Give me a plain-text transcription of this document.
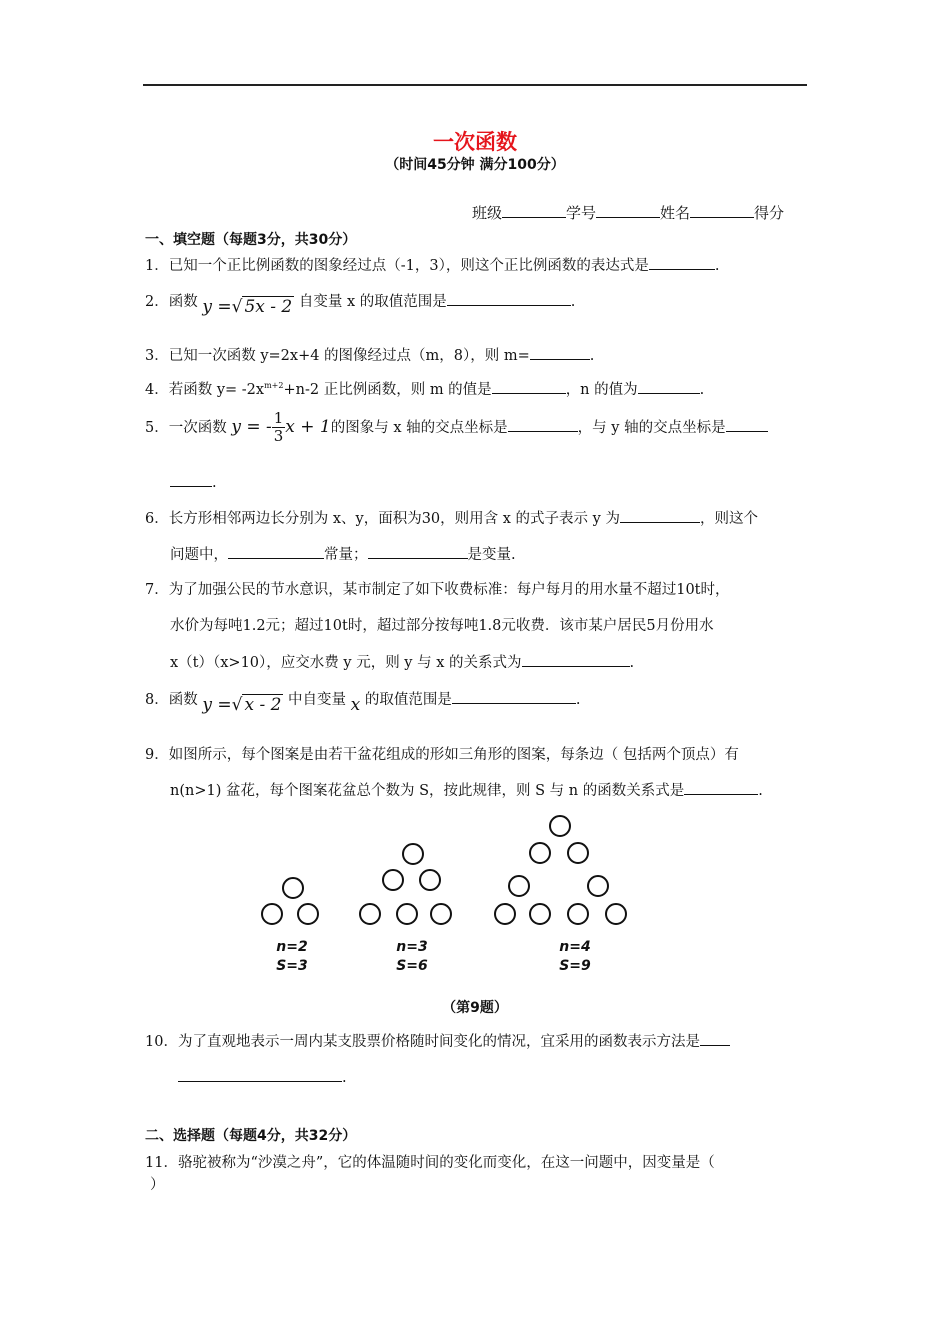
一次函数
（时间45分钟 满分100分）
班级	学号	姓名	得分
一、填空题（每题3分，共30分）
1．已知一个正比例函数的图象经过点（-1，3），则这个正比例函数的表达式是	.
2．函数 y =√ 5x - 2 自变量 x 的取值范围是	.
3．已知一次函数 y=2x+4 的图像经过点（m，8），则 m=	.
4．若函数 $y= -2x^{m+2}+n-2$ 正比例函数，则 m 的值是	，n 的值为	.
5．一次函数 y = - $\frac{1}{3}$ x + 1的图象与 x 轴的交点坐标是	，与 y 轴的交点坐标是
.
6．长方形相邻两边长分别为 x、y，面积为30，则用含 x 的式子表示 y 为	，则这个
问题中，	常量；	是变量.
7．为了加强公民的节水意识，某市制定了如下收费标准：每户每月的用水量不超过10t时，
水价为每吨1.2元；超过10t时，超过部分按每吨1.8元收费．该市某户居民5月份用水
x（t）（x>10），应交水费 y 元，则 y 与 x 的关系式为	.
8．函数 y =√ x - 2 中自变量 x 的取值范围是	.
9．如图所示，每个图案是由若干盆花组成的形如三角形的图案，每条边（ 包括两个顶点）有
n(n>1) 盆花，每个图案花盆总个数为 S，按此规律，则 S 与 n 的函数关系式是	.
n=2
S=3
n=3
S=6
n=4
S=9
（第9题）
10．为了直观地表示一周内某支股票价格随时间变化的情况，宜采用的函数表示方法是
.
二、选择题（每题4分，共32分）
11．骆驼被称为“沙漠之舟”，它的体温随时间的变化而变化，在这一问题中，因变量是（
）
